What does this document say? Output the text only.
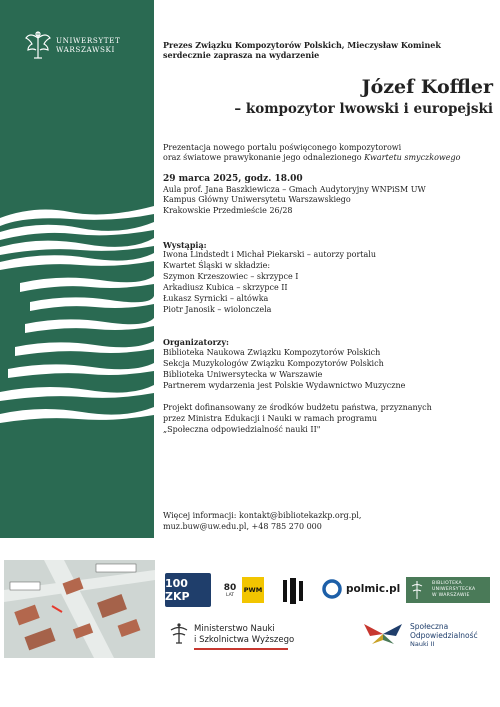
UNIWERSYTET
WARSZAWSKI	Prezes Związku Kompozytorów Polskich, Mieczysław Kominek
serdecznie zaprasza na wydarzenie
Józef Koffler
– kompozytor lwowski i europejski
Prezentacja nowego portalu poświęconego kompozytorowi
oraz światowe prawykonanie jego odnalezionego Kwartetu smyczkowego
29 marca 2025, godz. 18.00
Aula prof. Jana Baszkiewicza – Gmach Audytoryjny WNPiSM UW
Kampus Główny Uniwersytetu Warszawskiego
Krakowskie Przedmieście 26/28
Wystąpią:
Iwona Lindstedt i Michał Piekarski – autorzy portalu
Kwartet Śląski w składzie:
Szymon Krzeszowiec – skrzypce I
Arkadiusz Kubica – skrzypce II
Łukasz Syrnicki – altówka
Piotr Janosik – wiolonczela
Organizatorzy:
Biblioteka Naukowa Związku Kompozytorów Polskich
Sekcja Muzykologów Związku Kompozytorów Polskich
Biblioteka Uniwersytecka w Warszawie
Partnerem wydarzenia jest Polskie Wydawnictwo Muzyczne
Projekt dofinansowany ze środków budżetu państwa, przyznanych
przez Ministra Edukacji i Nauki w ramach programu
„Społeczna odpowiedzialność nauki II"
Więcej informacji: kontakt@bibliotekazkp.org.pl,
muz.buw@uw.edu.pl, +48 785 270 000
100 ZKP
80
LAT
PWM	polmic.pl	BIBLIOTEKA
UNIWERSYTECKA
W WARSZAWIE
Ministerstwo Nauki
i Szkolnictwa Wyższego
Społeczna
Odpowiedzialność
Nauki II
